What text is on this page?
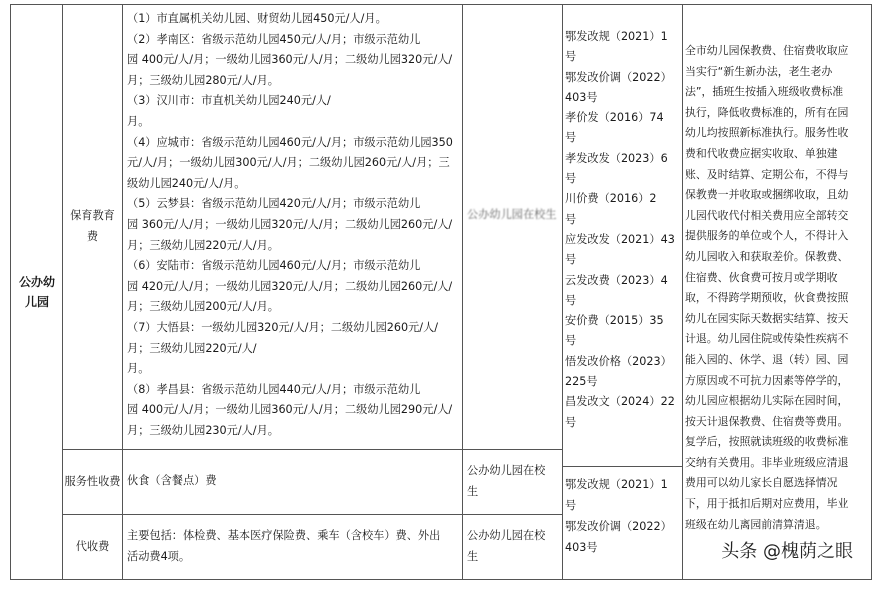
公办幼儿园
保育教育费
（1）市直属机关幼儿园、财贸幼儿园450元/人/月。
（2）孝南区：省级示范幼儿园450元/人/月；市级示范幼儿
园 400元/人/月；一级幼儿园360元/人/月；二级幼儿园320元/人/
月；三级幼儿园280元/人/月。
（3）汉川市：市直机关幼儿园240元/人/
月。
（4）应城市：省级示范幼儿园460元/人/月；市级示范幼儿园350
元/人/月；一级幼儿园300元/人/月；二级幼儿园260元/人/月；三
级幼儿园240元/人/月。
（5）云梦县：省级示范幼儿园420元/人/月；市级示范幼儿
园 360元/人/月；一级幼儿园320元/人/月；二级幼儿园260元/人/
月；三级幼儿园220元/人/月。
（6）安陆市：省级示范幼儿园460元/人/月；市级示范幼儿
园 420元/人/月；一级幼儿园320元/人/月；二级幼儿园260元/人/
月；三级幼儿园200元/人/月。
（7）大悟县：一级幼儿园320元/人/月；二级幼儿园260元/人/
月；三级幼儿园220元/人/
月。
（8）孝昌县：省级示范幼儿园440元/人/月；市级示范幼儿
园 400元/人/月；一级幼儿园360元/人/月；二级幼儿园290元/人/
月；三级幼儿园230元/人/月。
公办幼儿园在校生
鄂发改规（2021）1
号
鄂发改价调（2022）
403号
孝价发（2016）74
号
孝发改发（2023）6
号
川价费（2016）2
号
应发改发（2021）43
号
云发改费（2023）4
号
安价费（2015）35
号
悟发改价格（2023）
225号
昌发改文（2024）22
号
服务性收费 伙食（含餐点）费
公办幼儿园在校
生
代收费
主要包括：体检费、基本医疗保险费、乘车（含校车）费、外出
活动费4项。
公办幼儿园在校
生
鄂发改规（2021）1
号
鄂发改价调（2022）
403号
全市幼儿园保教费、住宿费收取应
当实行“新生新办法，老生老办
法”，插班生按插入班级收费标准
执行，降低收费标准的，所有在园
幼儿均按照新标准执行。服务性收
费和代收费应据实收取、单独建
账、及时结算、定期公布，不得与
保教费一并收取或捆绑收取，且幼
儿园代收代付相关费用应全部转交
提供服务的单位或个人，不得计入
幼儿园收入和获取差价。保教费、
住宿费、伙食费可按月或学期收
取，不得跨学期预收，伙食费按照
幼儿在园实际天数据实结算、按天
计退。幼儿园住院或传染性疾病不
能入园的、休学、退（转）园、园
方原因或不可抗力因素等停学的，
幼儿园应根据幼儿实际在园时间，
按天计退保教费、住宿费等费用。
复学后，按照就读班级的收费标准
交纳有关费用。非毕业班级应清退
费用可以幼儿家长自愿选择情况
下，用于抵扣后期对应费用，毕业
班级在幼儿离园前清算清退。
头条 @槐荫之眼
